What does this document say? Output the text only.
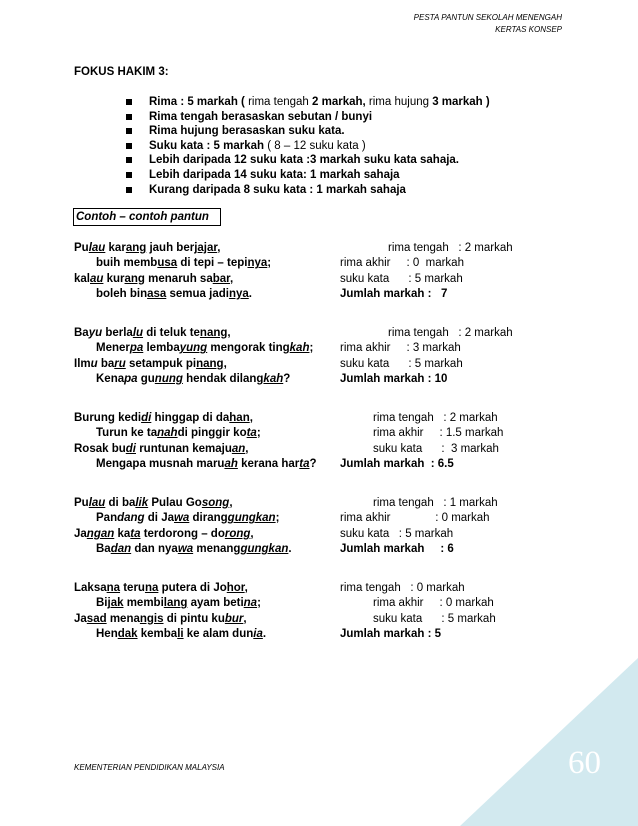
PESTA PANTUN SEKOLAH MENENGAH
KERTAS KONSEP
FOKUS HAKIM 3:
Rima : 5 markah ( rima tengah 2 markah, rima hujung 3 markah )
Rima tengah berasaskan sebutan / bunyi
Rima hujung berasaskan suku kata.
Suku kata : 5 markah ( 8 – 12 suku kata )
Lebih daripada 12 suku kata :3 markah suku kata sahaja.
Lebih daripada 14 suku kata: 1 markah sahaja
Kurang daripada 8 suku kata : 1 markah sahaja
Contoh – contoh pantun
Pulau karang jauh berjajar,
buih membusa di tepi – tepinya;
kalau kurang menaruh sabar,
boleh binasa semua jadinya.
rima tengah   : 2 markah
rima akhir     : 0  markah
suku kata      : 5 markah
Jumlah markah :   7
Bayu berlalu di teluk tenang,
Menerpa lembayung mengorak tingkah;
Ilmu baru setampuk pinang,
Kenapa gunung hendak dilangkah?
rima tengah   : 2 markah
rima akhir     : 3 markah
suku kata      : 5 markah
Jumlah markah : 10
Burung kedidi hinggap di dahan,
Turun ke tanahdi pinggir kota;
Rosak budi runtunan kemajuan,
Mengapa musnah maruah kerana harta?
rima tengah   : 2 markah
rima akhir     : 1.5 markah
suku kata      :  3 markah
Jumlah markah  : 6.5
Pulau di balik Pulau Gosong,
Pandang di Jawa diranggungkan;
Jangan kata terdorong – dorong,
Badan dan nyawa menanggungkan.
rima tengah   : 1 markah
rima akhir              : 0 markah
suku kata   : 5 markah
Jumlah markah     : 6
Laksana teruna putera di Johor,
Bijak membilang ayam betina;
Jasad menangis di pintu kubur,
Hendak kembali ke alam dunia.
rima tengah   : 0 markah
rima akhir     : 0 markah
suku kata      : 5 markah
Jumlah markah : 5
60
KEMENTERIAN PENDIDIKAN MALAYSIA
